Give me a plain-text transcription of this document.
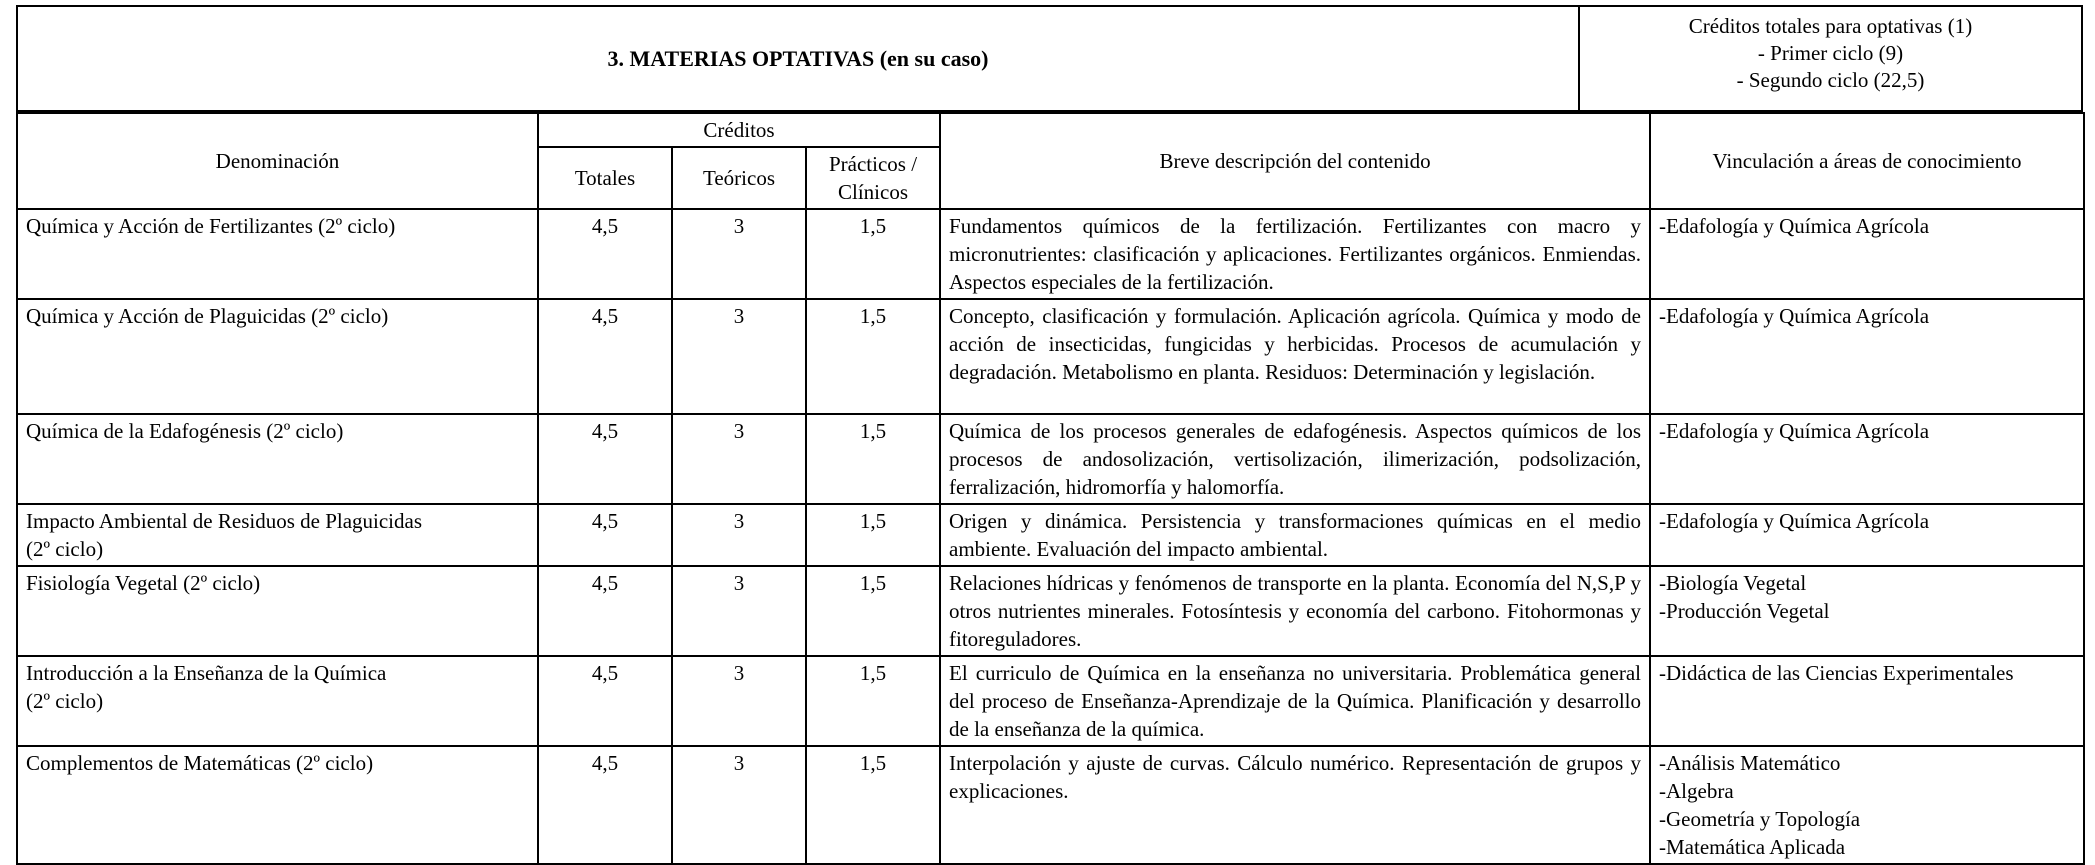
3. MATERIAS OPTATIVAS (en su caso)
Créditos totales para optativas (1)
- Primer ciclo (9)
- Segundo ciclo (22,5)
Denominación	Créditos			Breve descripción del contenido	Vinculación a áreas de conocimiento
	Totales	Teóricos	Prácticos /
Clínicos		

Química y Acción de Fertilizantes (2º ciclo)	4,5	3	1,5	Fundamentos químicos de la fertilización. Fertilizantes con macro y micronutrientes: clasificación y aplicaciones. Fertilizantes orgánicos. Enmiendas. Aspectos especiales de la fertilización.	-Edafología y Química Agrícola

Química y Acción de Plaguicidas (2º ciclo)	4,5	3	1,5	Concepto, clasificación y formulación. Aplicación agrícola. Química y modo de acción de insecticidas, fungicidas y herbicidas. Procesos de acumulación y degradación. Metabolismo en planta. Residuos: Determinación y legislación.	-Edafología y Química Agrícola

Química de la Edafogénesis (2º ciclo)	4,5	3	1,5	Química de los procesos generales de edafogénesis. Aspectos químicos de los procesos de andosolización, vertisolización, ilimerización, podsolización, ferralización, hidromorfía y halomorfía.	-Edafología y Química Agrícola

Impacto Ambiental de Residuos de Plaguicidas
(2º ciclo)	4,5	3	1,5	Origen y dinámica. Persistencia y transformaciones químicas en el medio ambiente. Evaluación del impacto ambiental.	-Edafología y Química Agrícola

Fisiología Vegetal (2º ciclo)	4,5	3	1,5	Relaciones hídricas y fenómenos de transporte en la planta. Economía del N,S,P y otros nutrientes minerales. Fotosíntesis y economía del carbono. Fitohormonas y fitoreguladores.	-Biología Vegetal
-Producción Vegetal

Introducción a la Enseñanza de la Química
(2º ciclo)	4,5	3	1,5	El curriculo de Química en la enseñanza no universitaria. Problemática general del proceso de Enseñanza-Aprendizaje de la Química. Planificación y desarrollo de la enseñanza de la química.	-Didáctica de las Ciencias Experimentales

Complementos de Matemáticas (2º ciclo)	4,5	3	1,5	Interpolación y ajuste de curvas. Cálculo numérico. Representación de grupos y explicaciones.	-Análisis Matemático
-Algebra
-Geometría y Topología
-Matemática Aplicada
